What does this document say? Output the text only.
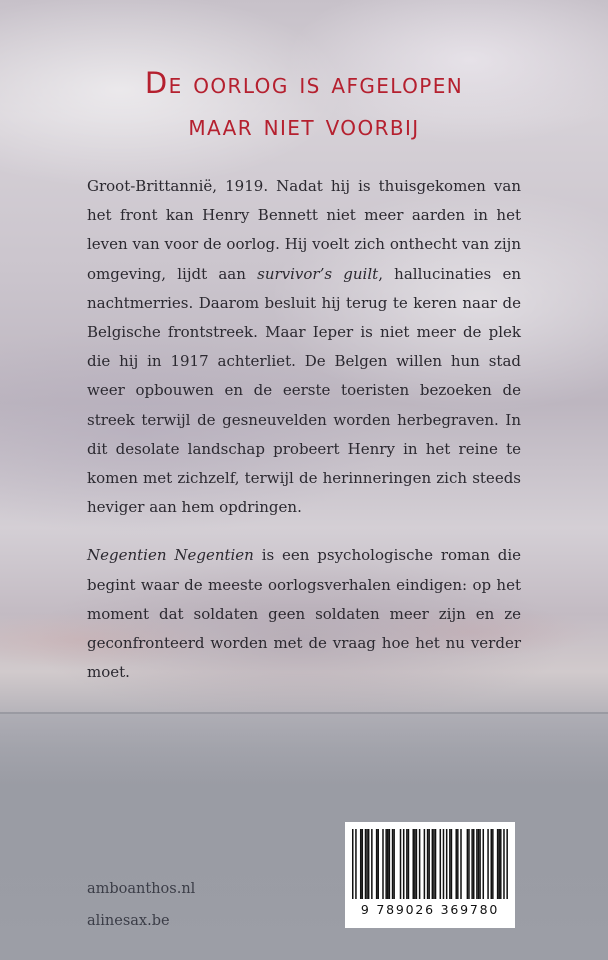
De oorlog is afgelopen
maar niet voorbij

Groot-Brittannië, 1919. Nadat hij is thuisgekomen van het front kan Henry Bennett niet meer aarden in het leven van voor de oorlog. Hij voelt zich onthecht van zijn omgeving, lijdt aan survivor’s guilt, hallucinaties en nachtmerries. Daarom besluit hij terug te keren naar de Belgische frontstreek. Maar Ieper is niet meer de plek die hij in 1917 achterliet. De Belgen willen hun stad weer opbouwen en de eerste toeristen bezoeken de streek terwijl de gesneuvelden worden herbegraven. In dit desolate landschap probeert Henry in het reine te komen met zichzelf, terwijl de herinneringen zich steeds heviger aan hem opdringen.

Negentien Negentien is een psychologische roman die begint waar de meeste oorlogsverhalen eindigen: op het moment dat soldaten geen soldaten meer zijn en ze geconfronteerd worden met de vraag hoe het nu verder moet.

amboanthos.nl
alinesax.be
9 789026 369780
